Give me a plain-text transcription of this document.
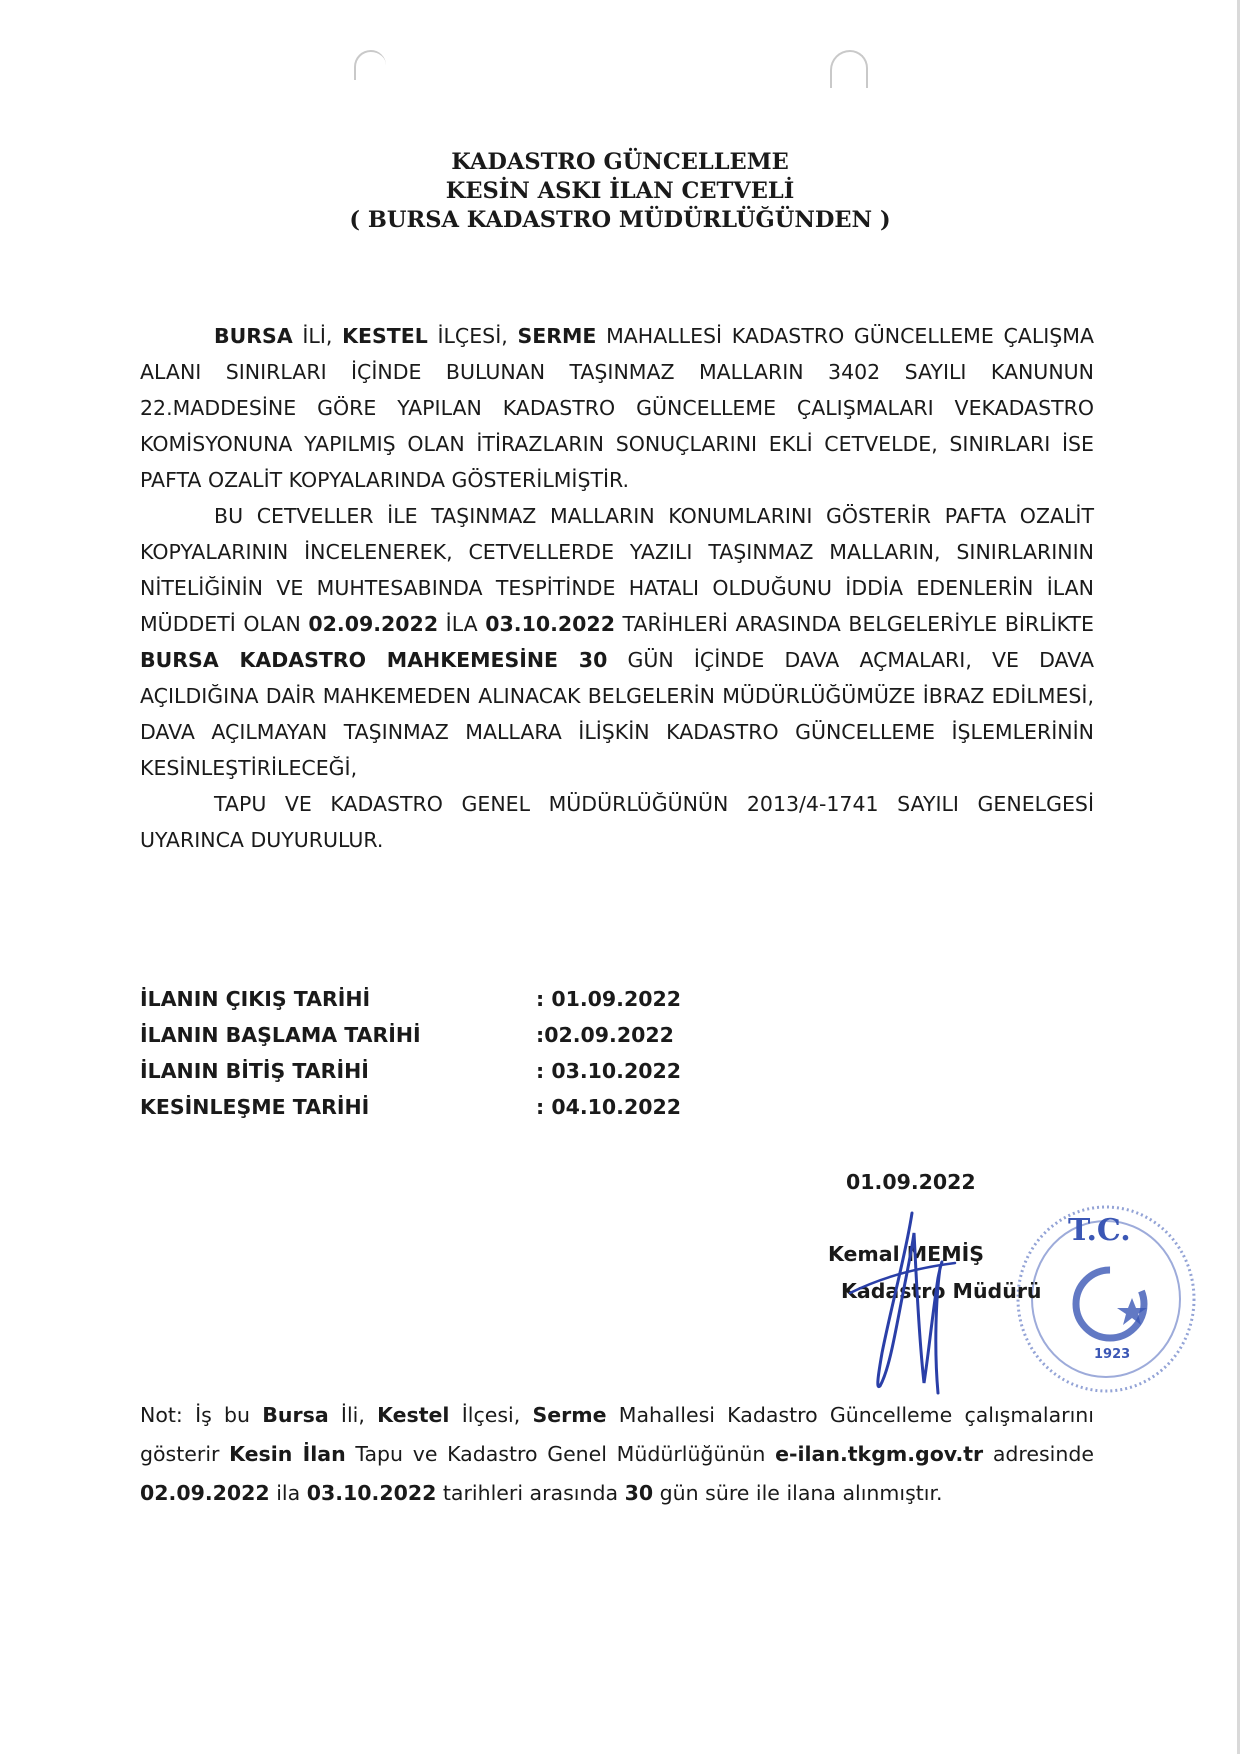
KADASTRO GÜNCELLEME
KESİN ASKI İLAN CETVELİ
( BURSA KADASTRO MÜDÜRLÜĞÜNDEN )

BURSA İLİ, KESTEL İLÇESİ, SERME MAHALLESİ KADASTRO GÜNCELLEME ÇALIŞMA ALANI SINIRLARI İÇİNDE BULUNAN TAŞINMAZ MALLARIN 3402 SAYILI KANUNUN 22.MADDESİNE GÖRE YAPILAN KADASTRO GÜNCELLEME ÇALIŞMALARI VEKADASTRO KOMİSYONUNA YAPILMIŞ OLAN İTİRAZLARIN SONUÇLARINI EKLİ CETVELDE, SINIRLARI İSE PAFTA OZALİT KOPYALARINDA GÖSTERİLMİŞTİR.

BU CETVELLER İLE TAŞINMAZ MALLARIN KONUMLARINI GÖSTERİR PAFTA OZALİT KOPYALARININ İNCELENEREK, CETVELLERDE YAZILI TAŞINMAZ MALLARIN, SINIRLARININ NİTELİĞİNİN VE MUHTESABINDA TESPİTİNDE HATALI OLDUĞUNU İDDİA EDENLERİN İLAN MÜDDETİ OLAN 02.09.2022 İLA 03.10.2022 TARİHLERİ ARASINDA BELGELERİYLE BİRLİKTE BURSA KADASTRO MAHKEMESİNE 30 GÜN İÇİNDE DAVA AÇMALARI, VE DAVA AÇILDIĞINA DAİR MAHKEMEDEN ALINACAK BELGELERİN MÜDÜRLÜĞÜMÜZE İBRAZ EDİLMESİ, DAVA AÇILMAYAN TAŞINMAZ MALLARA İLİŞKİN KADASTRO GÜNCELLEME İŞLEMLERİNİN KESİNLEŞTİRİLECEĞİ,

TAPU VE KADASTRO GENEL MÜDÜRLÜĞÜNÜN 2013/4-1741 SAYILI GENELGESİ UYARINCA DUYURULUR.

İLANIN ÇIKIŞ TARİHİ	: 01.09.2022
İLANIN BAŞLAMA TARİHİ	:02.09.2022
İLANIN BİTİŞ TARİHİ	: 03.10.2022
KESİNLEŞME TARİHİ	: 04.10.2022
01.09.2022
T.C.
1923
Kemal MEMİŞ
Kadastro Müdürü

Not: İş bu Bursa İli, Kestel İlçesi, Serme Mahallesi Kadastro Güncelleme çalışmalarını gösterir Kesin İlan Tapu ve Kadastro Genel Müdürlüğünün e-ilan.tkgm.gov.tr adresinde 02.09.2022 ila 03.10.2022 tarihleri arasında 30 gün süre ile ilana alınmıştır.
